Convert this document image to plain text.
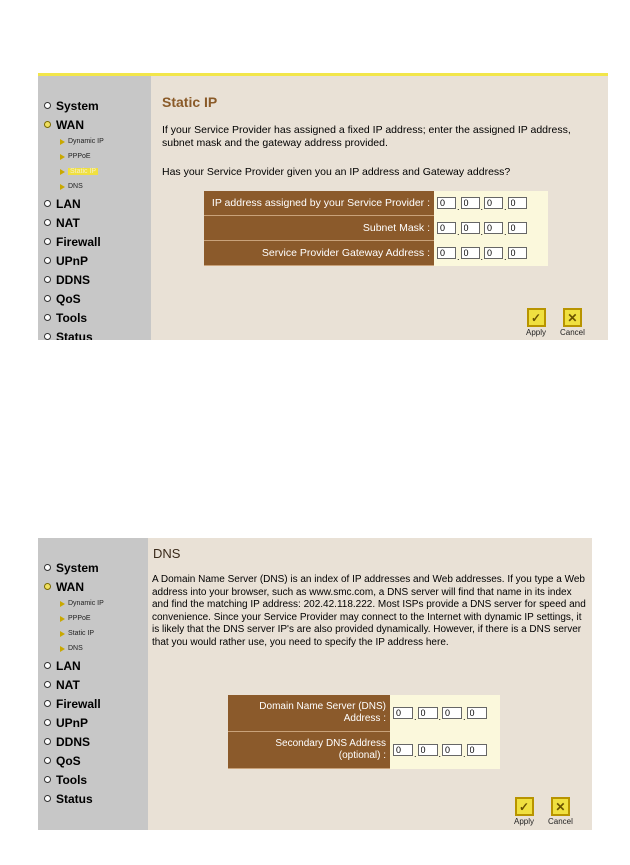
System
WAN
Dynamic IP
PPPoE
Static IP
DNS
LAN
NAT
Firewall
UPnP
DDNS
QoS
Tools
Status
Static IP

If your Service Provider has assigned a fixed IP address; enter the assigned IP address, subnet mask and the gateway address provided.

Has your Service Provider given you an IP address and Gateway address?

IP address assigned by your Service Provider :	0.0 .0 .0
Subnet Mask :	0.0 .0 .0
Service Provider Gateway Address :	0.0 .0 .0
✓
Apply
✕
Cancel
System
WAN
Dynamic IP
PPPoE
Static IP
DNS
LAN
NAT
Firewall
UPnP
DDNS
QoS
Tools
Status
DNS

A Domain Name Server (DNS) is an index of IP addresses and Web addresses. If you type a Web address into your browser, such as www.smc.com, a DNS server will find that name in its index and find the matching IP address: 202.42.118.222. Most ISPs provide a DNS server for speed and convenience. Since your Service Provider may connect to the Internet with dynamic IP settings, it is likely that the DNS server IP's are also provided dynamically. However, if there is a DNS server that you would rather use, you need to specify the IP address here.

Domain Name Server (DNS)
Address :	0.0 .0 .0
Secondary DNS Address
(optional) :	0.0 .0 .0
✓
Apply
✕
Cancel
